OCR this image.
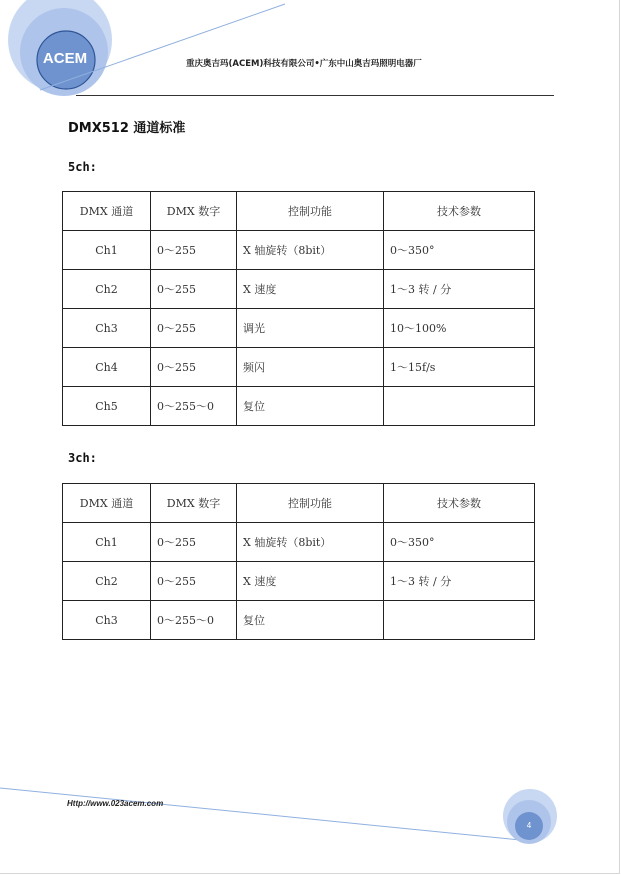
ACEM	重庆奥吉玛(ACEM)科技有限公司•广东中山奥吉玛照明电器厂
DMX512 通道标准
5ch:
DMX 通道	DMX 数字	控制功能	技术参数
Ch1	0～255	X 轴旋转（8bit）	0～350°
Ch2	0～255	X 速度	1～3 转 / 分
Ch3	0～255	调光	10～100%
Ch4	0～255	频闪	1～15f/s
Ch5	0～255～0	复位	
3ch:
DMX 通道	DMX 数字	控制功能	技术参数
Ch1	0～255	X 轴旋转（8bit）	0～350°
Ch2	0～255	X 速度	1～3 转 / 分
Ch3	0～255～0	复位	
Http://www.023acem.com
4
